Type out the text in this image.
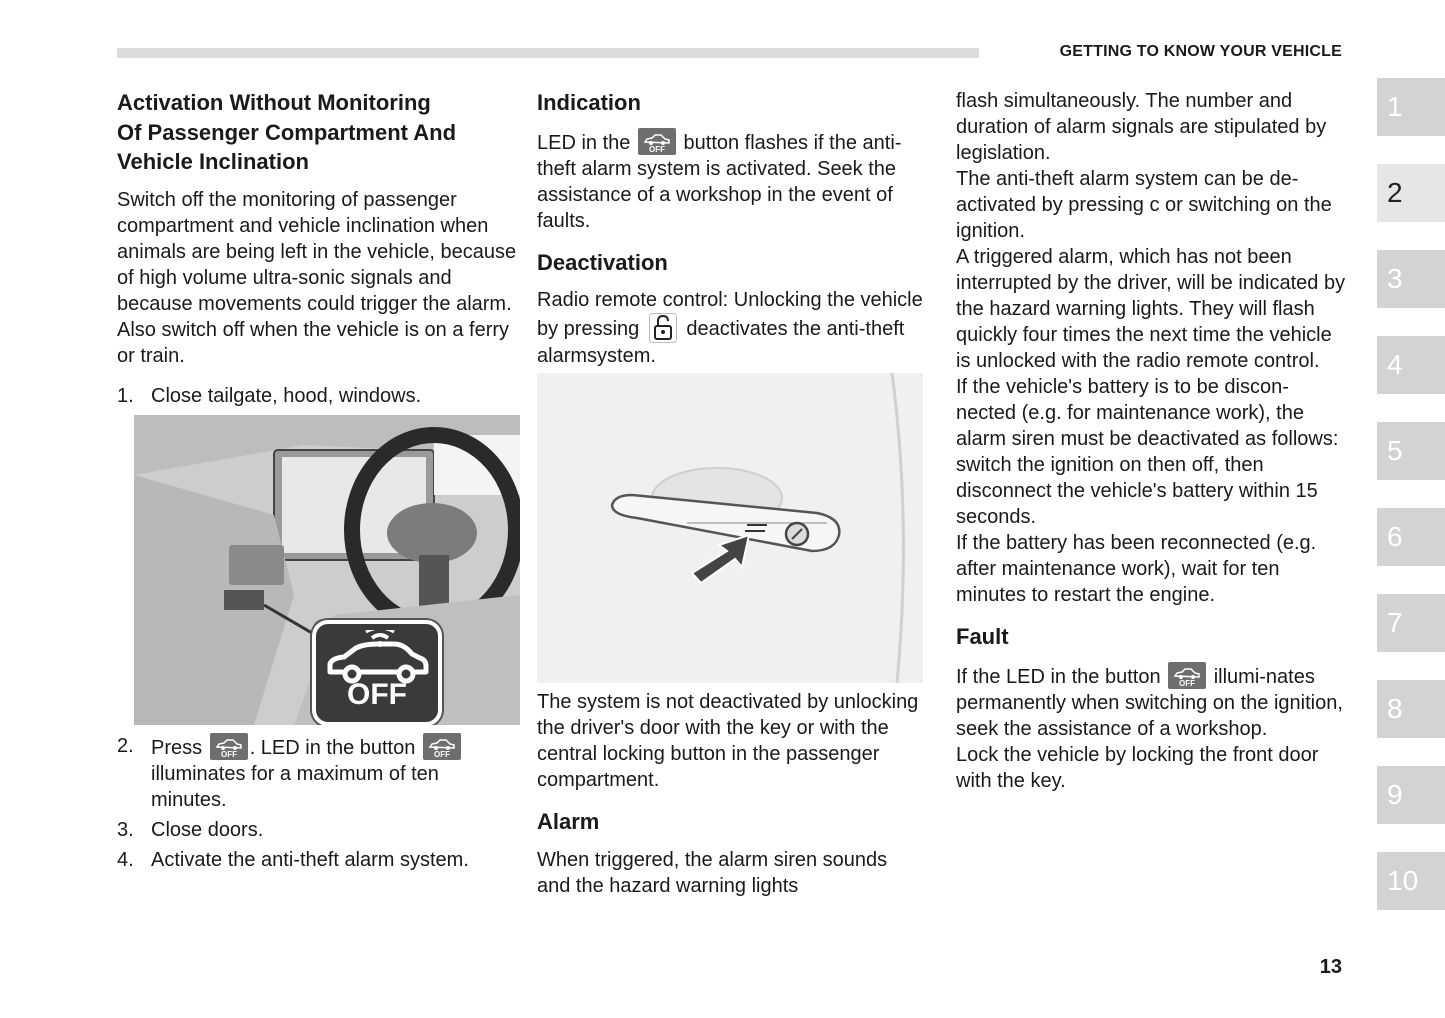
GETTING TO KNOW YOUR VEHICLE
Activation Without Monitoring
Of Passenger Compartment And
Vehicle Inclination

Switch off the monitoring of passenger compartment and vehicle inclination when animals are being left in the vehicle, because of high volume ultra-sonic signals and because movements could trigger the alarm. Also switch off when the vehicle is on a ferry or train.

1. Close tailgate, hood, windows.
OFF
2. Press OFF . LED in the button OFF
illuminates for a maximum of ten minutes.
3. Close doors.
4. Activate the anti-theft alarm system.
Indication

LED in the OFF button flashes if the anti-theft alarm system is activated. Seek the assistance of a workshop in the event of faults.

Deactivation

Radio remote control: Unlocking the vehicle by pressing deactivates the anti-theft alarmsystem.

The system is not deactivated by unlocking the driver's door with the key or with the central locking button in the passenger compartment.

Alarm

When triggered, the alarm siren sounds and the hazard warning lights

flash simultaneously. The number and duration of alarm signals are stipulated by legislation.

The anti-theft alarm system can be de-activated by pressing c or switching on the ignition.

A triggered alarm, which has not been interrupted by the driver, will be indicated by the hazard warning lights. They will flash quickly four times the next time the vehicle is unlocked with the radio remote control.

If the vehicle's battery is to be discon-nected (e.g. for maintenance work), the alarm siren must be deactivated as follows: switch the ignition on then off, then disconnect the vehicle's battery within 15 seconds.

If the battery has been reconnected (e.g. after maintenance work), wait for ten minutes to restart the engine.

Fault

If the LED in the button OFF illumi-nates permanently when switching on the ignition, seek the assistance of a workshop.

Lock the vehicle by locking the front door with the key.

1
2
3
4
5
6
7
8
9
10
13
